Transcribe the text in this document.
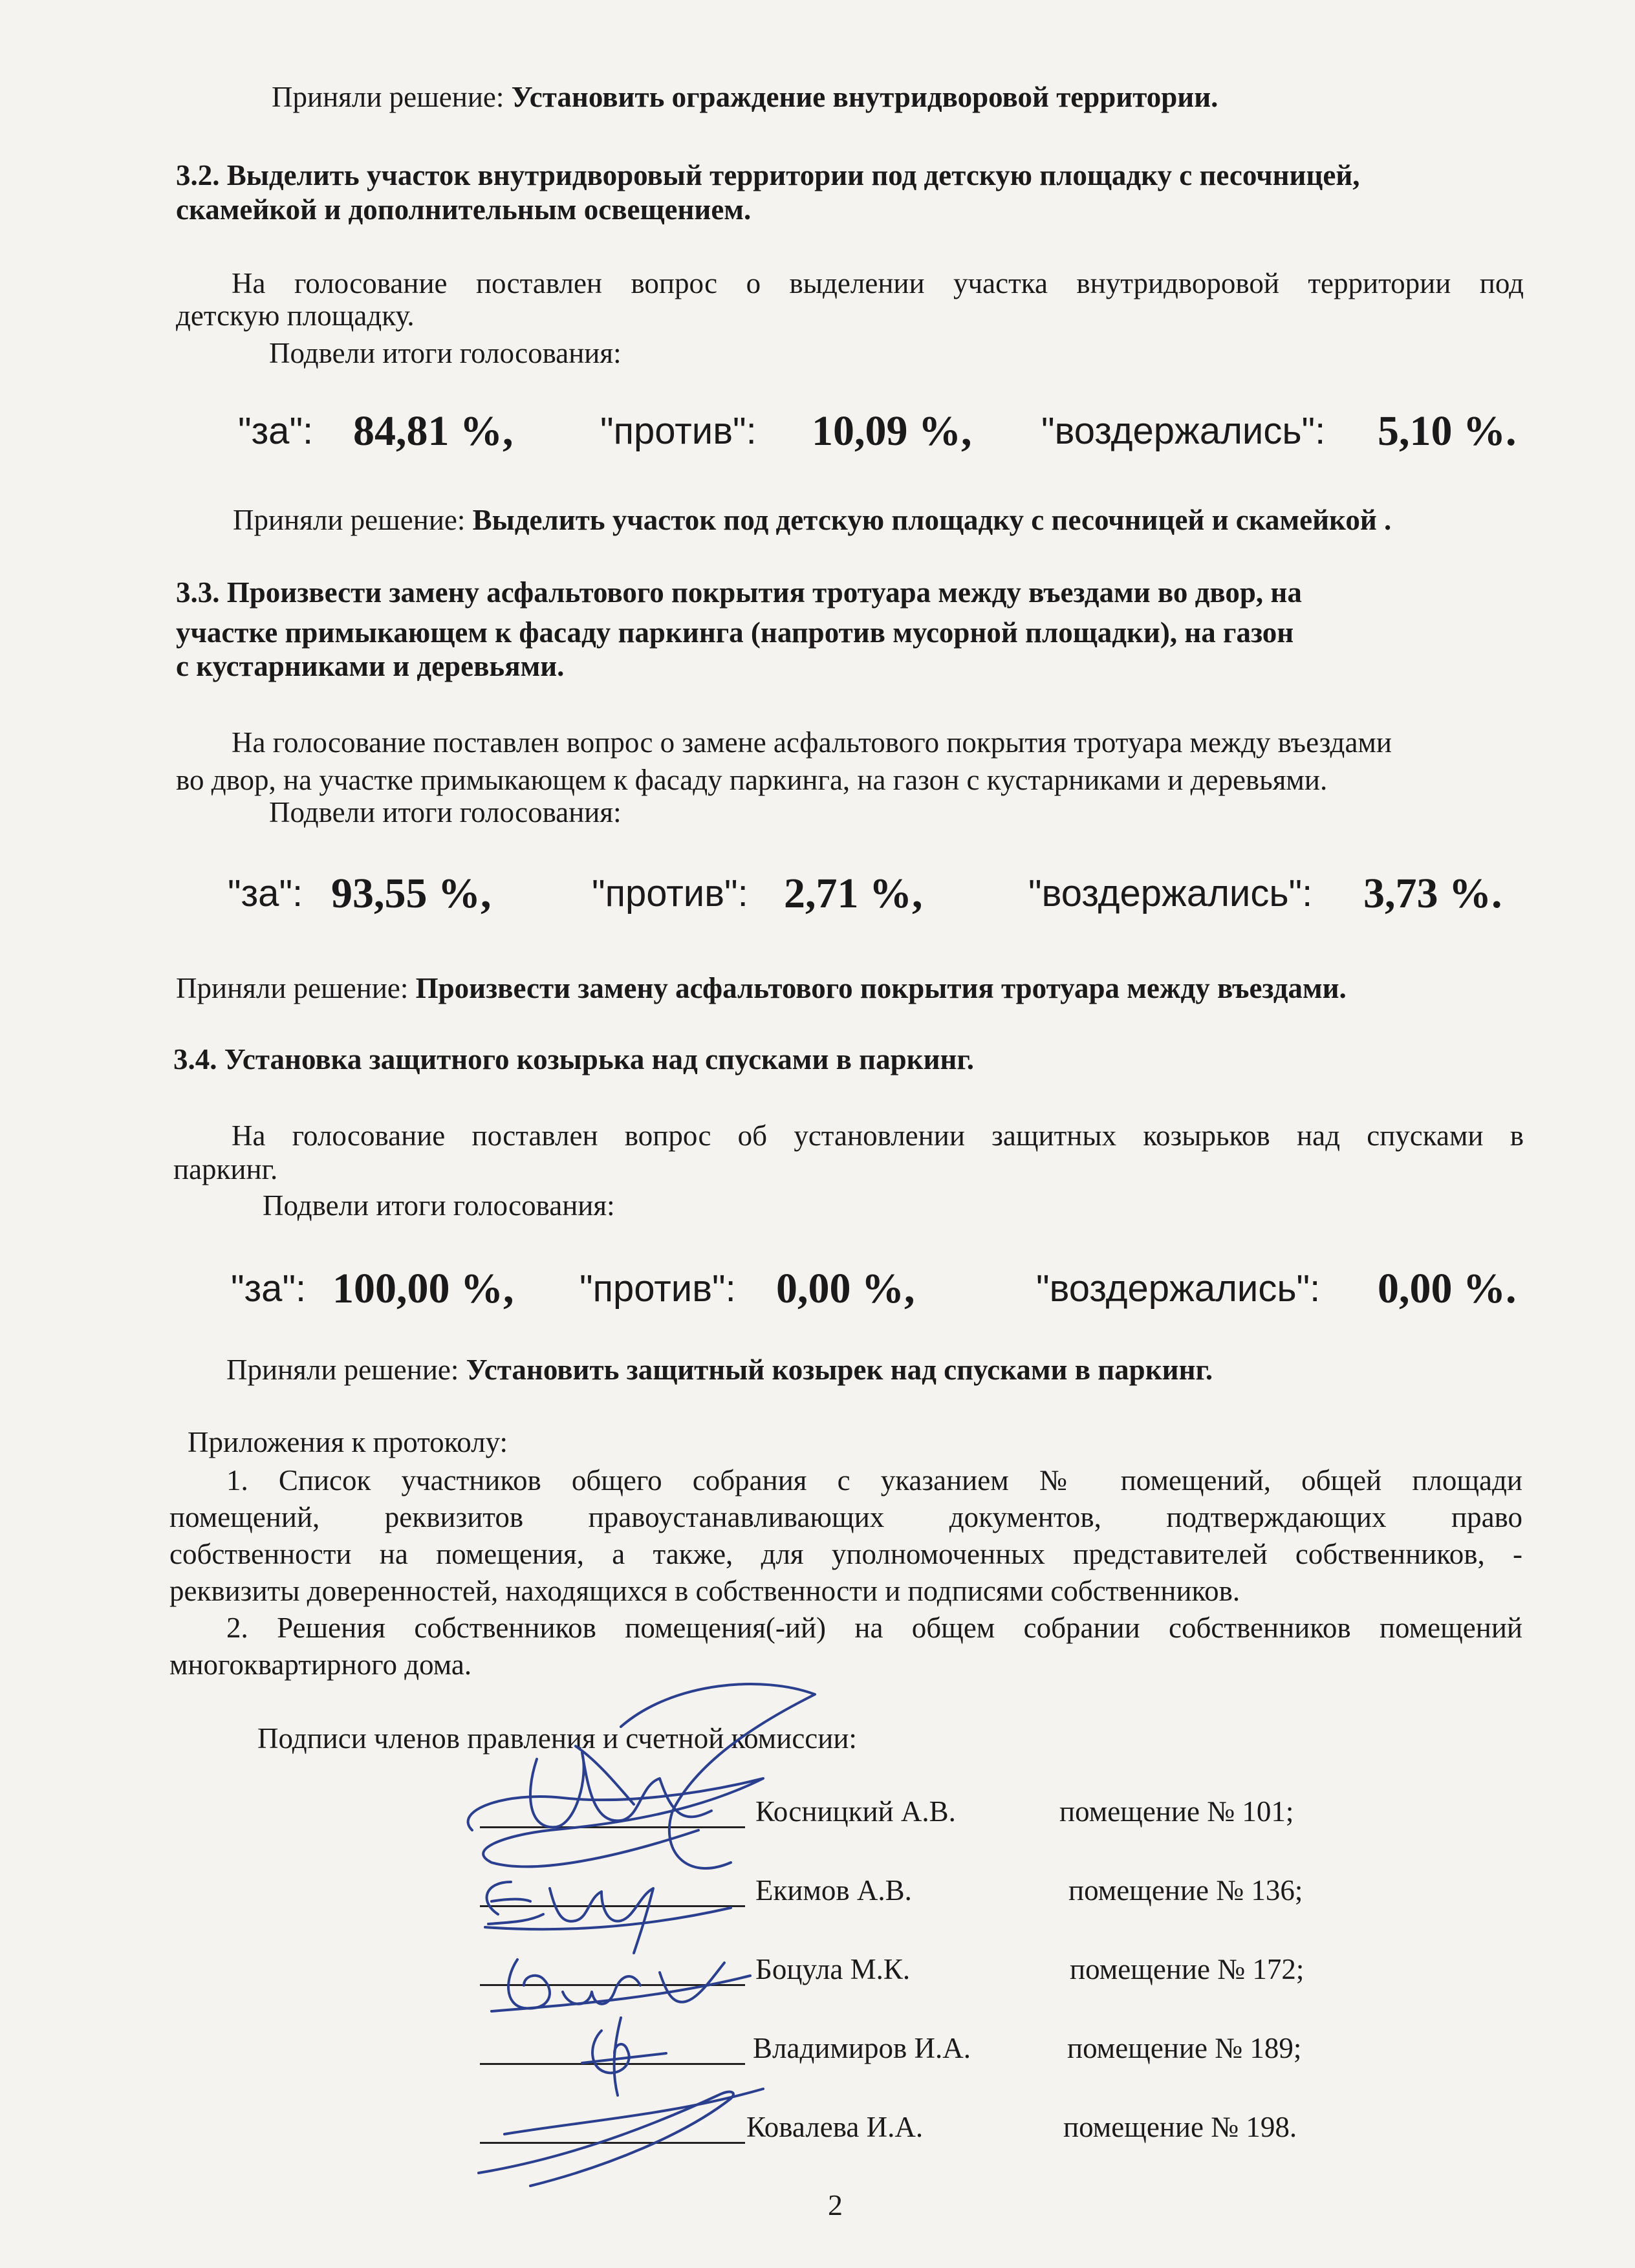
Приняли решение: Установить ограждение внутридворовой территории.
3.2. Выделить участок внутридворовый территории под детскую площадку с песочницей,
скамейкой и дополнительным освещением.
На голосование поставлен вопрос о выделении участка внутридворовой территории под
детскую площадку.
Подвели итоги голосования:
"за": 84,81 %, "против": 10,09 %, "воздержались": 5,10 %.
Приняли решение: Выделить участок под детскую площадку с песочницей и скамейкой .
3.3. Произвести замену асфальтового покрытия тротуара между въездами во двор, на
участке примыкающем к фасаду паркинга (напротив мусорной площадки), на газон
с кустарниками и деревьями.
На голосование поставлен вопрос о замене асфальтового покрытия тротуара между въездами
во двор, на участке примыкающем к фасаду паркинга, на газон с кустарниками и деревьями.
Подвели итоги голосования:
"за": 93,55 %,	"против": 2,71 %,	"воздержались": 3,73 %.
Приняли решение: Произвести замену асфальтового покрытия тротуара между въездами.
3.4. Установка защитного козырька над спусками в паркинг.
На голосование поставлен вопрос об установлении защитных козырьков над спусками в
паркинг.
Подвели итоги голосования:
"за": 100,00 %, "против": 0,00 %,	"воздержались": 0,00 %.
Приняли решение: Установить защитный козырек над спусками в паркинг.
Приложения к протоколу:
1. Список участников общего собрания с указанием № помещений, общей площади
помещений, реквизитов правоустанавливающих документов, подтверждающих право
собственности на помещения, а также, для уполномоченных представителей собственников, -
реквизиты доверенностей, находящихся в собственности и подписями собственников.
2. Решения собственников помещения(-ий) на общем собрании собственников помещений
многоквартирного дома.
Подписи членов правления и счетной комиссии:
Косницкий А.В.	помещение № 101;
Екимов А.В.	помещение № 136;
Боцула М.К.	помещение № 172;
Владимиров И.А.	помещение № 189;
Ковалева И.А.	помещение № 198.
2
